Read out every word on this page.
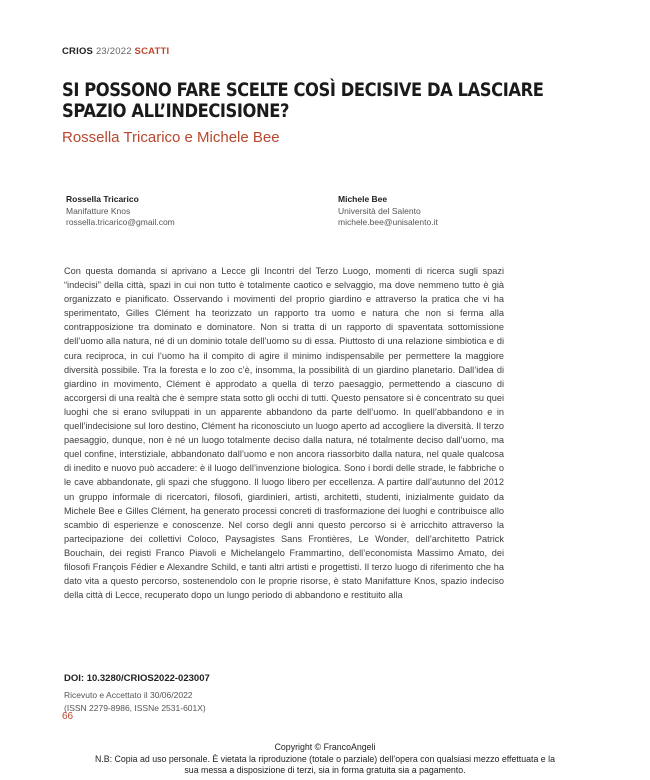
CRIOS 23/2022 SCATTI
SI POSSONO FARE SCELTE COSÌ DECISIVE DA LASCIARE
SPAZIO ALL’INDECISIONE?
Rossella Tricarico e Michele Bee
Rossella Tricarico
Manifatture Knos
rossella.tricarico@gmail.com
Michele Bee
Università del Salento
michele.bee@unisalento.it
Con questa domanda si aprivano a Lecce gli Incontri del Terzo Luogo, momenti di ricerca sugli spazi “indecisi” della città, spazi in cui non tutto è totalmente caotico e selvaggio, ma dove nemmeno tutto è già organizzato e pianificato. Osservando i movimenti del proprio giardino e attraverso la pratica che vi ha sperimentato, Gilles Clément ha teorizzato un rapporto tra uomo e natura che non si ferma alla contrapposizione tra dominato e dominatore. Non si tratta di un rapporto di spaventata sottomissione dell’uomo alla natura, né di un dominio totale dell’uomo su di essa. Piuttosto di una relazione simbiotica e di cura reciproca, in cui l’uomo ha il compito di agire il minimo indispensabile per permettere la maggiore diversità possibile. Tra la foresta e lo zoo c’è, insomma, la possibilità di un giardino planetario. Dall’idea di giardino in movimento, Clément è approdato a quella di terzo paesaggio, permettendo a ciascuno di accorgersi di una realtà che è sempre stata sotto gli occhi di tutti. Questo pensatore si è concentrato su quei luoghi che si erano sviluppati in un apparente abbandono da parte dell’uomo. In quell’abbandono e in quell’indecisione sul loro destino, Clément ha riconosciuto un luogo aperto ad accogliere la diversità. Il terzo paesaggio, dunque, non è né un luogo totalmente deciso dalla natura, né totalmente deciso dall’uomo, ma quel confine, interstiziale, abbandonato dall’uomo e non ancora riassorbito dalla natura, nel quale qualcosa di inedito e nuovo può accadere: è il luogo dell’invenzione biologica. Sono i bordi delle strade, le fabbriche o le cave abbandonate, gli spazi che sfuggono. Il luogo libero per eccellenza. A partire dall’autunno del 2012 un gruppo informale di ricercatori, filosofi, giardinieri, artisti, architetti, studenti, inizialmente guidato da Michele Bee e Gilles Clément, ha generato processi concreti di trasformazione dei luoghi e contribuisce allo scambio di esperienze e conoscenze. Nel corso degli anni questo percorso si è arricchito attraverso la partecipazione dei collettivi Coloco, Paysagistes Sans Frontières, Le Wonder, dell’architetto Patrick Bouchain, dei registi Franco Piavoli e Michelangelo Frammartino, dell’economista Massimo Amato, dei filosofi François Fédier e Alexandre Schild, e tanti altri artisti e progettisti. Il terzo luogo di riferimento che ha dato vita a questo percorso, sostenendolo con le proprie risorse, è stato Manifatture Knos, spazio indeciso della città di Lecce, recuperato dopo un lungo periodo di abbandono e restituito alla
DOI: 10.3280/CRIOS2022-023007
Ricevuto e Accettato il 30/06/2022
(ISSN 2279-8986, ISSNe 2531-601X)
66
Copyright © FrancoAngeli
N.B: Copia ad uso personale. È vietata la riproduzione (totale o parziale) dell’opera con qualsiasi mezzo effettuata e la sua messa a disposizione di terzi, sia in forma gratuita sia a pagamento.
